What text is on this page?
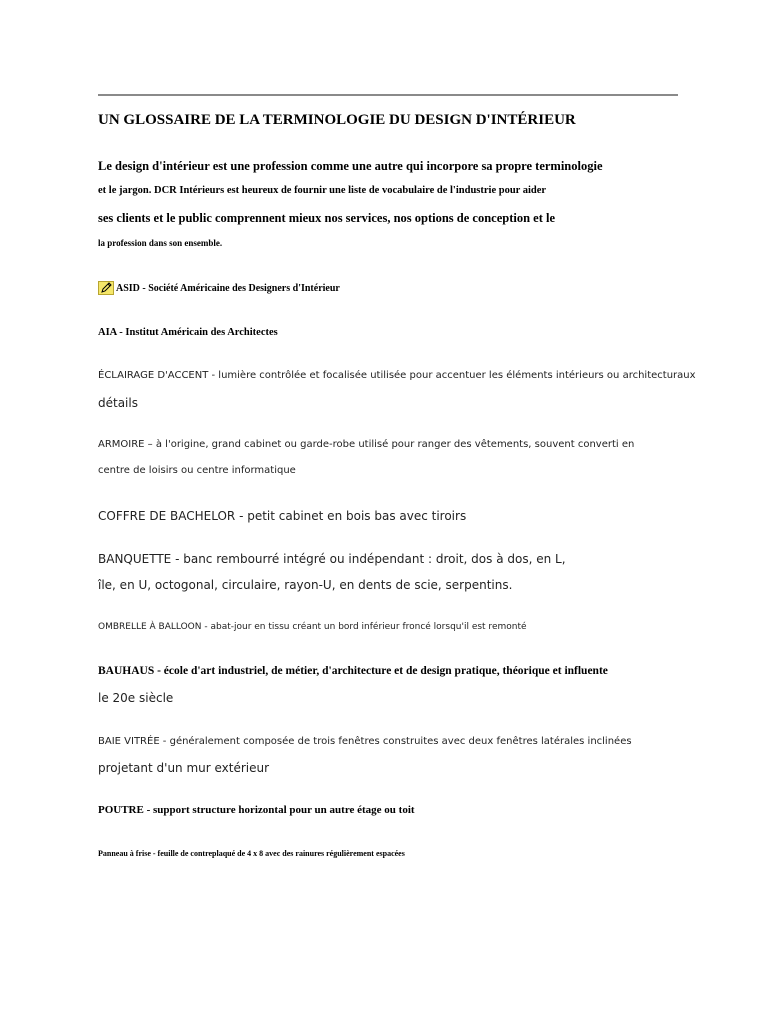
UN GLOSSAIRE DE LA TERMINOLOGIE DU DESIGN D'INTÉRIEUR
Le design d'intérieur est une profession comme une autre qui incorpore sa propre terminologie
et le jargon. DCR Intérieurs est heureux de fournir une liste de vocabulaire de l'industrie pour aider
ses clients et le public comprennent mieux nos services, nos options de conception et le
la profession dans son ensemble.
ASID - Société Américaine des Designers d'Intérieur
AIA - Institut Américain des Architectes
ÉCLAIRAGE D'ACCENT - lumière contrôlée et focalisée utilisée pour accentuer les éléments intérieurs ou architecturaux
détails
ARMOIRE – à l'origine, grand cabinet ou garde-robe utilisé pour ranger des vêtements, souvent converti en
centre de loisirs ou centre informatique
COFFRE DE BACHELOR - petit cabinet en bois bas avec tiroirs
BANQUETTE - banc rembourré intégré ou indépendant : droit, dos à dos, en L,
île, en U, octogonal, circulaire, rayon-U, en dents de scie, serpentins.
OMBRELLE À BALLOON - abat-jour en tissu créant un bord inférieur froncé lorsqu'il est remonté
BAUHAUS - école d'art industriel, de métier, d'architecture et de design pratique, théorique et influente
le 20e siècle
BAIE VITRÉE - généralement composée de trois fenêtres construites avec deux fenêtres latérales inclinées
projetant d'un mur extérieur
POUTRE - support structure horizontal pour un autre étage ou toit
Panneau à frise - feuille de contreplaqué de 4 x 8 avec des rainures régulièrement espacées
